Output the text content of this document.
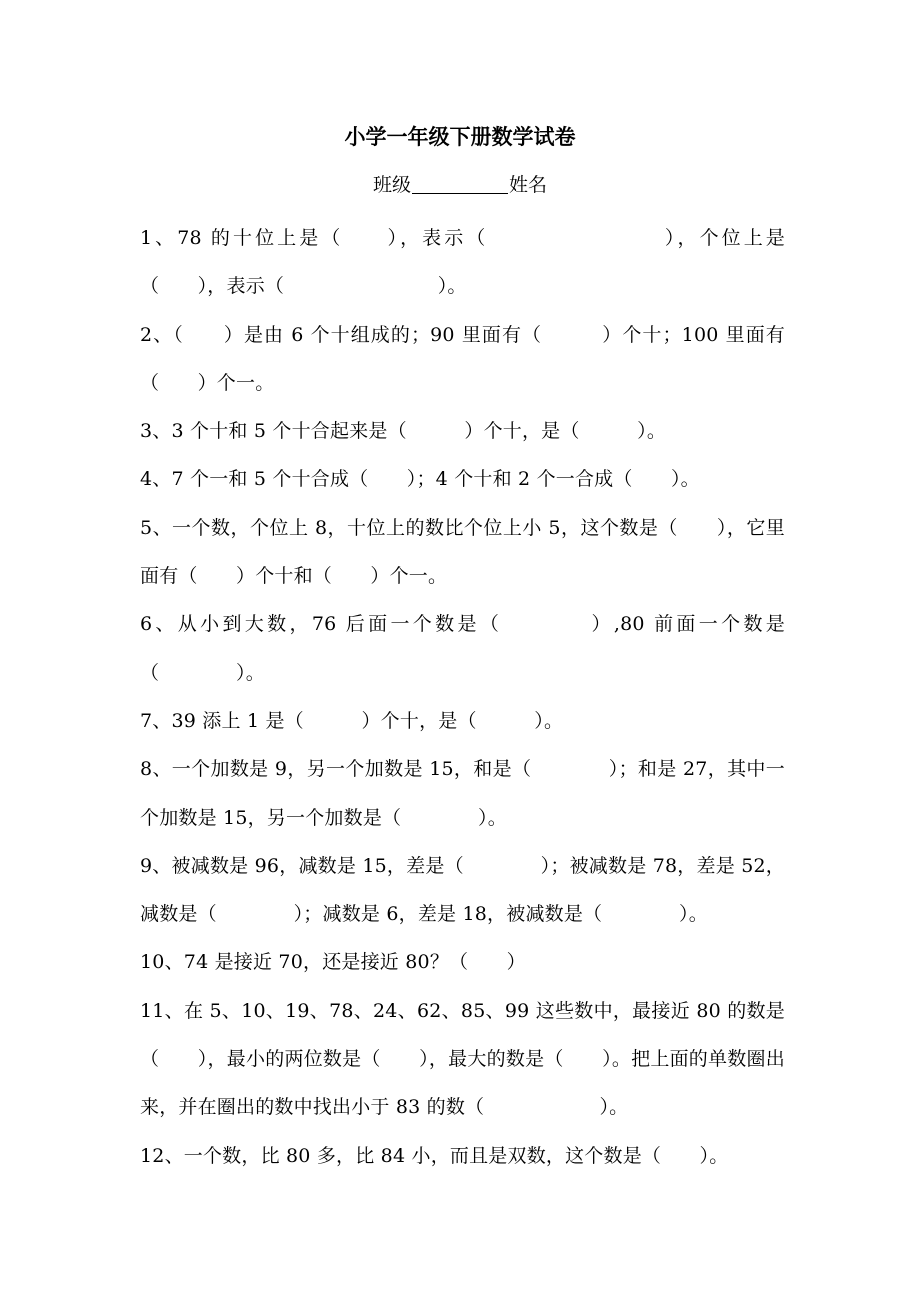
小学一年级下册数学试卷
班级	姓名

1、78 的十位上是（　　），表示（　　　　　　　　），个位上是（　　），表示（　　　　　　　　）。

2、（　　）是由 6 个十组成的；90 里面有（　　　）个十；100 里面有（　　）个一。

3、3 个十和 5 个十合起来是（　　　）个十，是（　　　）。

4、7 个一和 5 个十合成（　　）；4 个十和 2 个一合成（　　）。

5、一个数，个位上 8，十位上的数比个位上小 5，这个数是（　　），它里面有（　　）个十和（　　）个一。

6、从小到大数，76 后面一个数是（　　　　）,80 前面一个数是（　　　　）。

7、39 添上 1 是（　　　）个十，是（　　　）。

8、一个加数是 9，另一个加数是 15，和是（　　　　）；和是 27，其中一个加数是 15，另一个加数是（　　　　）。

9、被减数是 96，减数是 15，差是（　　　　）；被减数是 78，差是 52，减数是（　　　　）；减数是 6，差是 18，被减数是（　　　　）。

10、74 是接近 70，还是接近 80？（　　）

11、在 5、10、19、78、24、62、85、99 这些数中，最接近 80 的数是（　　），最小的两位数是（　　），最大的数是（　　）。把上面的单数圈出来，并在圈出的数中找出小于 83 的数（　　　　　　）。

12、一个数，比 80 多，比 84 小，而且是双数，这个数是（　　）。
